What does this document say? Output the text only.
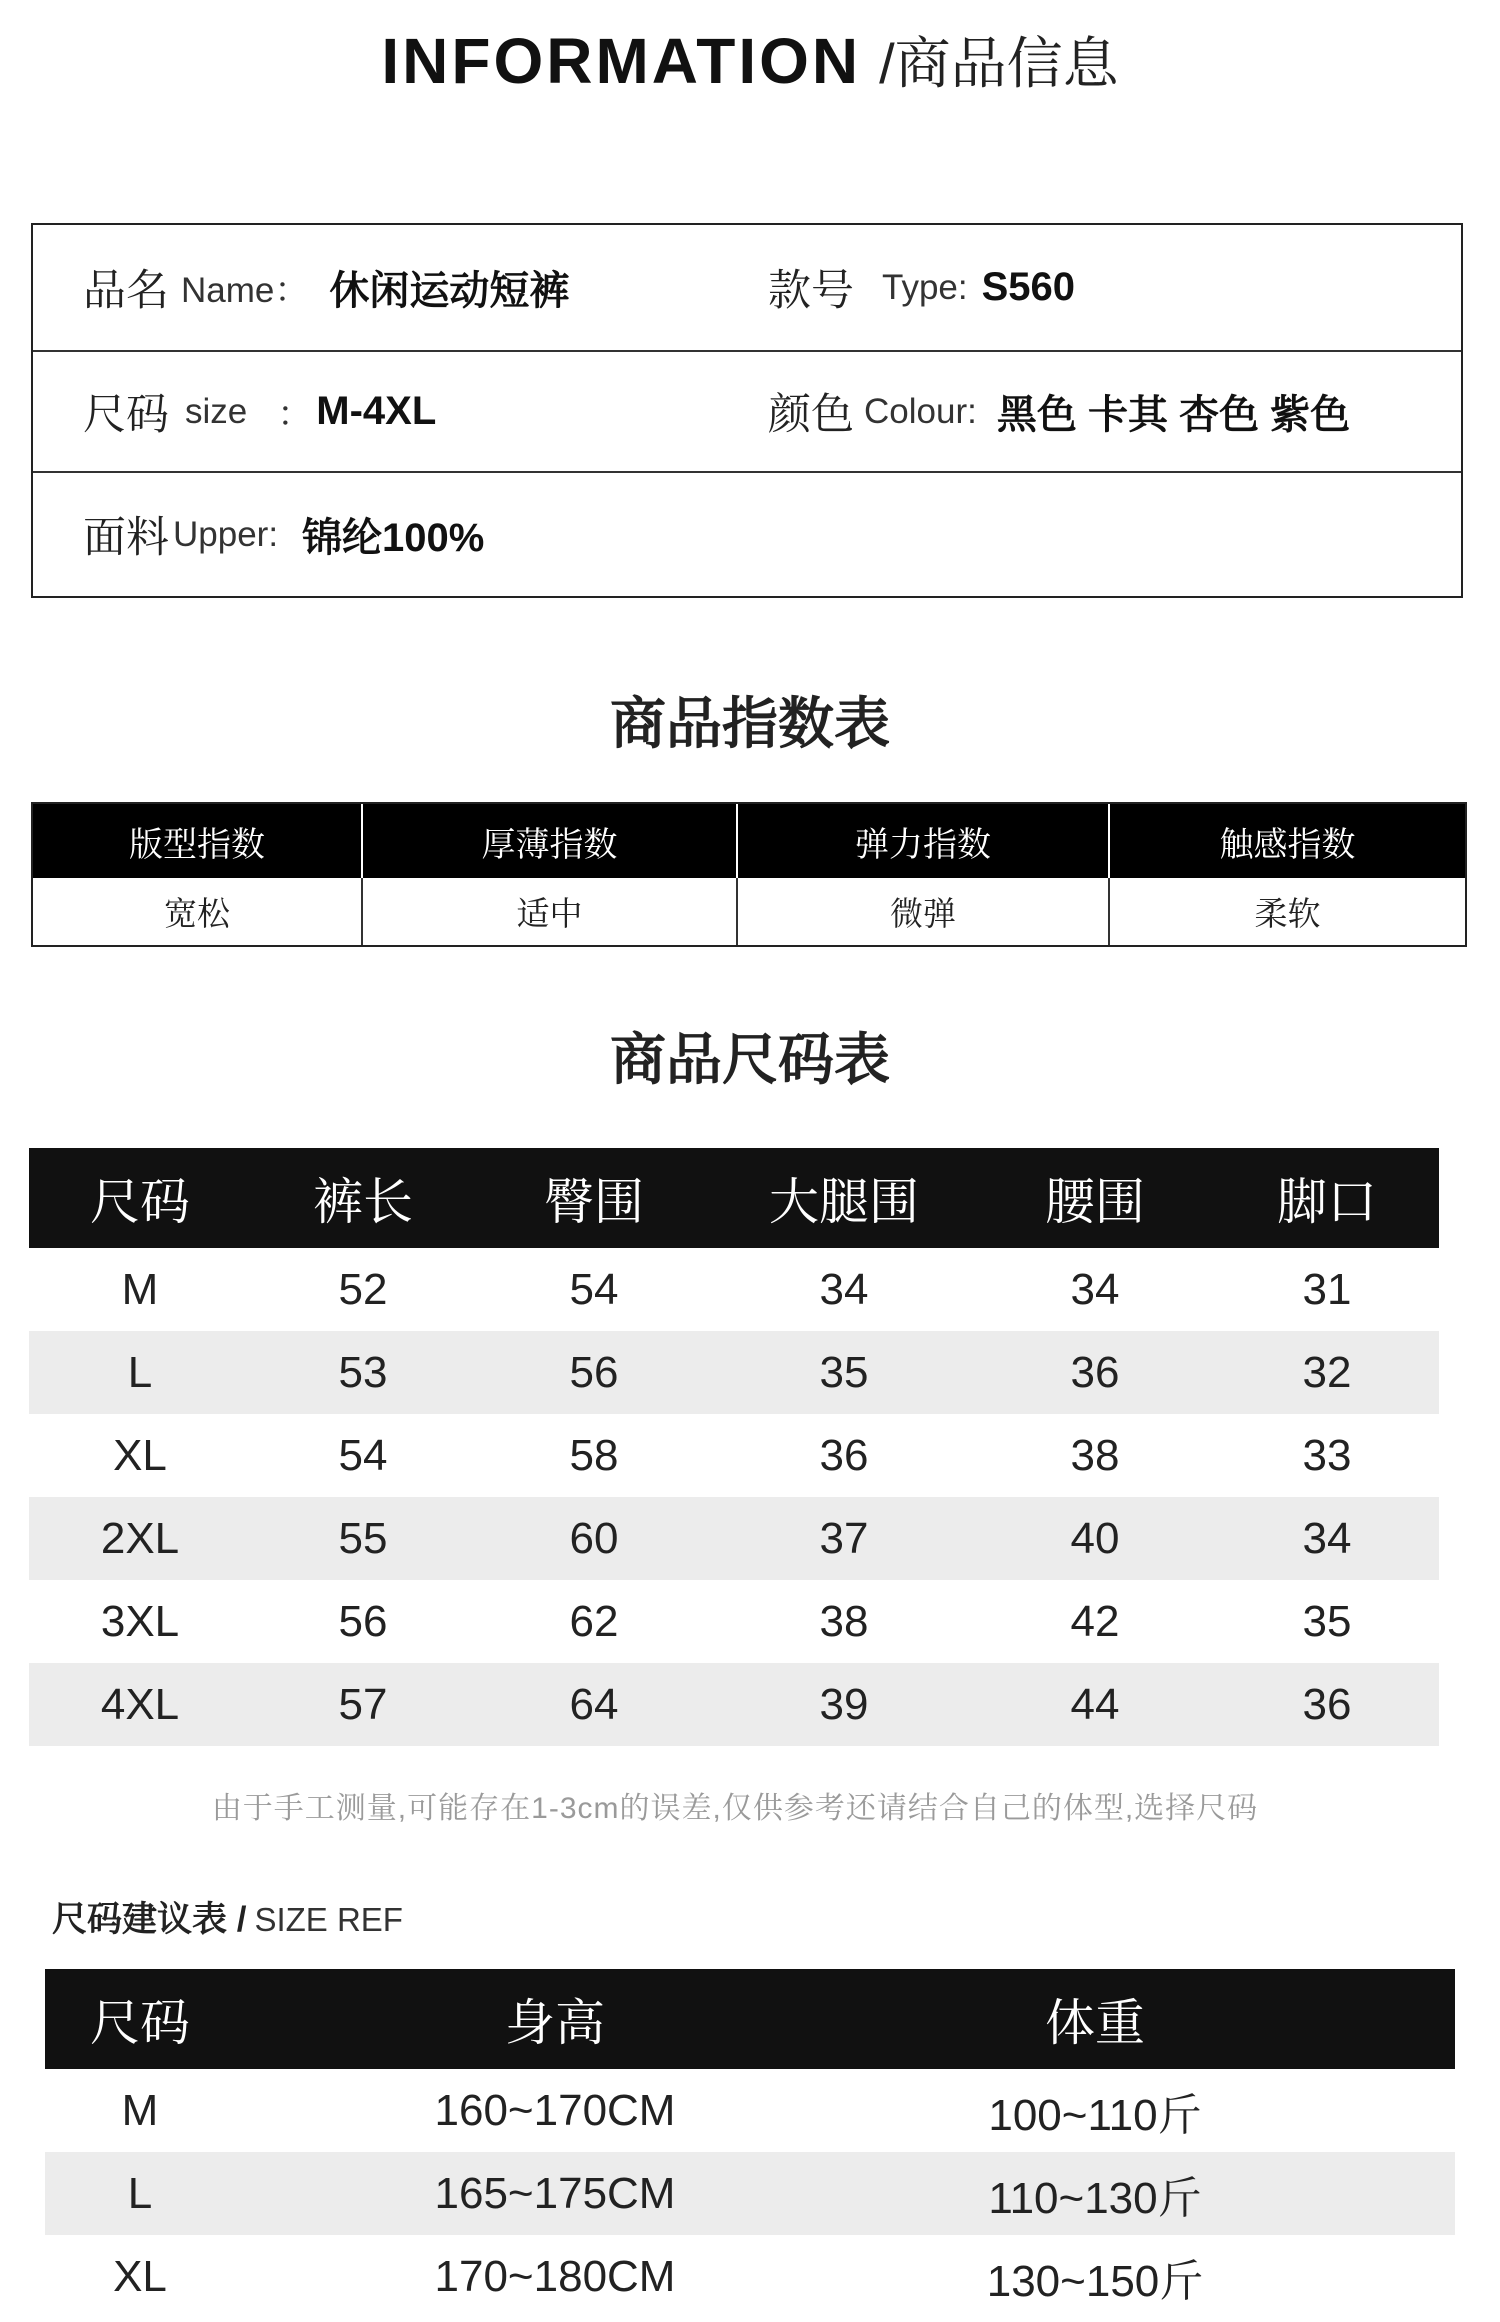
INFORMATION /商品信息
品名 Name： 休闲运动短裤	款号 Type: S560
尺码 size ： M-4XL	颜色 Colour: 黑色 卡其 杏色 紫色
面料 Upper: 锦纶100%
商品指数表
版型指数	厚薄指数	弹力指数	触感指数
宽松	适中	微弹	柔软
商品尺码表
尺码	裤长	臀围	大腿围	腰围	脚口
M	52	54	34	34	31
L	53	56	35	36	32
XL	54	58	36	38	33
2XL	55	60	37	40	34
3XL	56	62	38	42	35
4XL	57	64	39	44	36
由于手工测量,可能存在1-3cm的误差,仅供参考还请结合自己的体型,选择尺码
尺码建议表 / SIZE REF
尺码	身高	体重
M	160~170CM	100~110斤
L	165~175CM	110~130斤
XL	170~180CM	130~150斤
